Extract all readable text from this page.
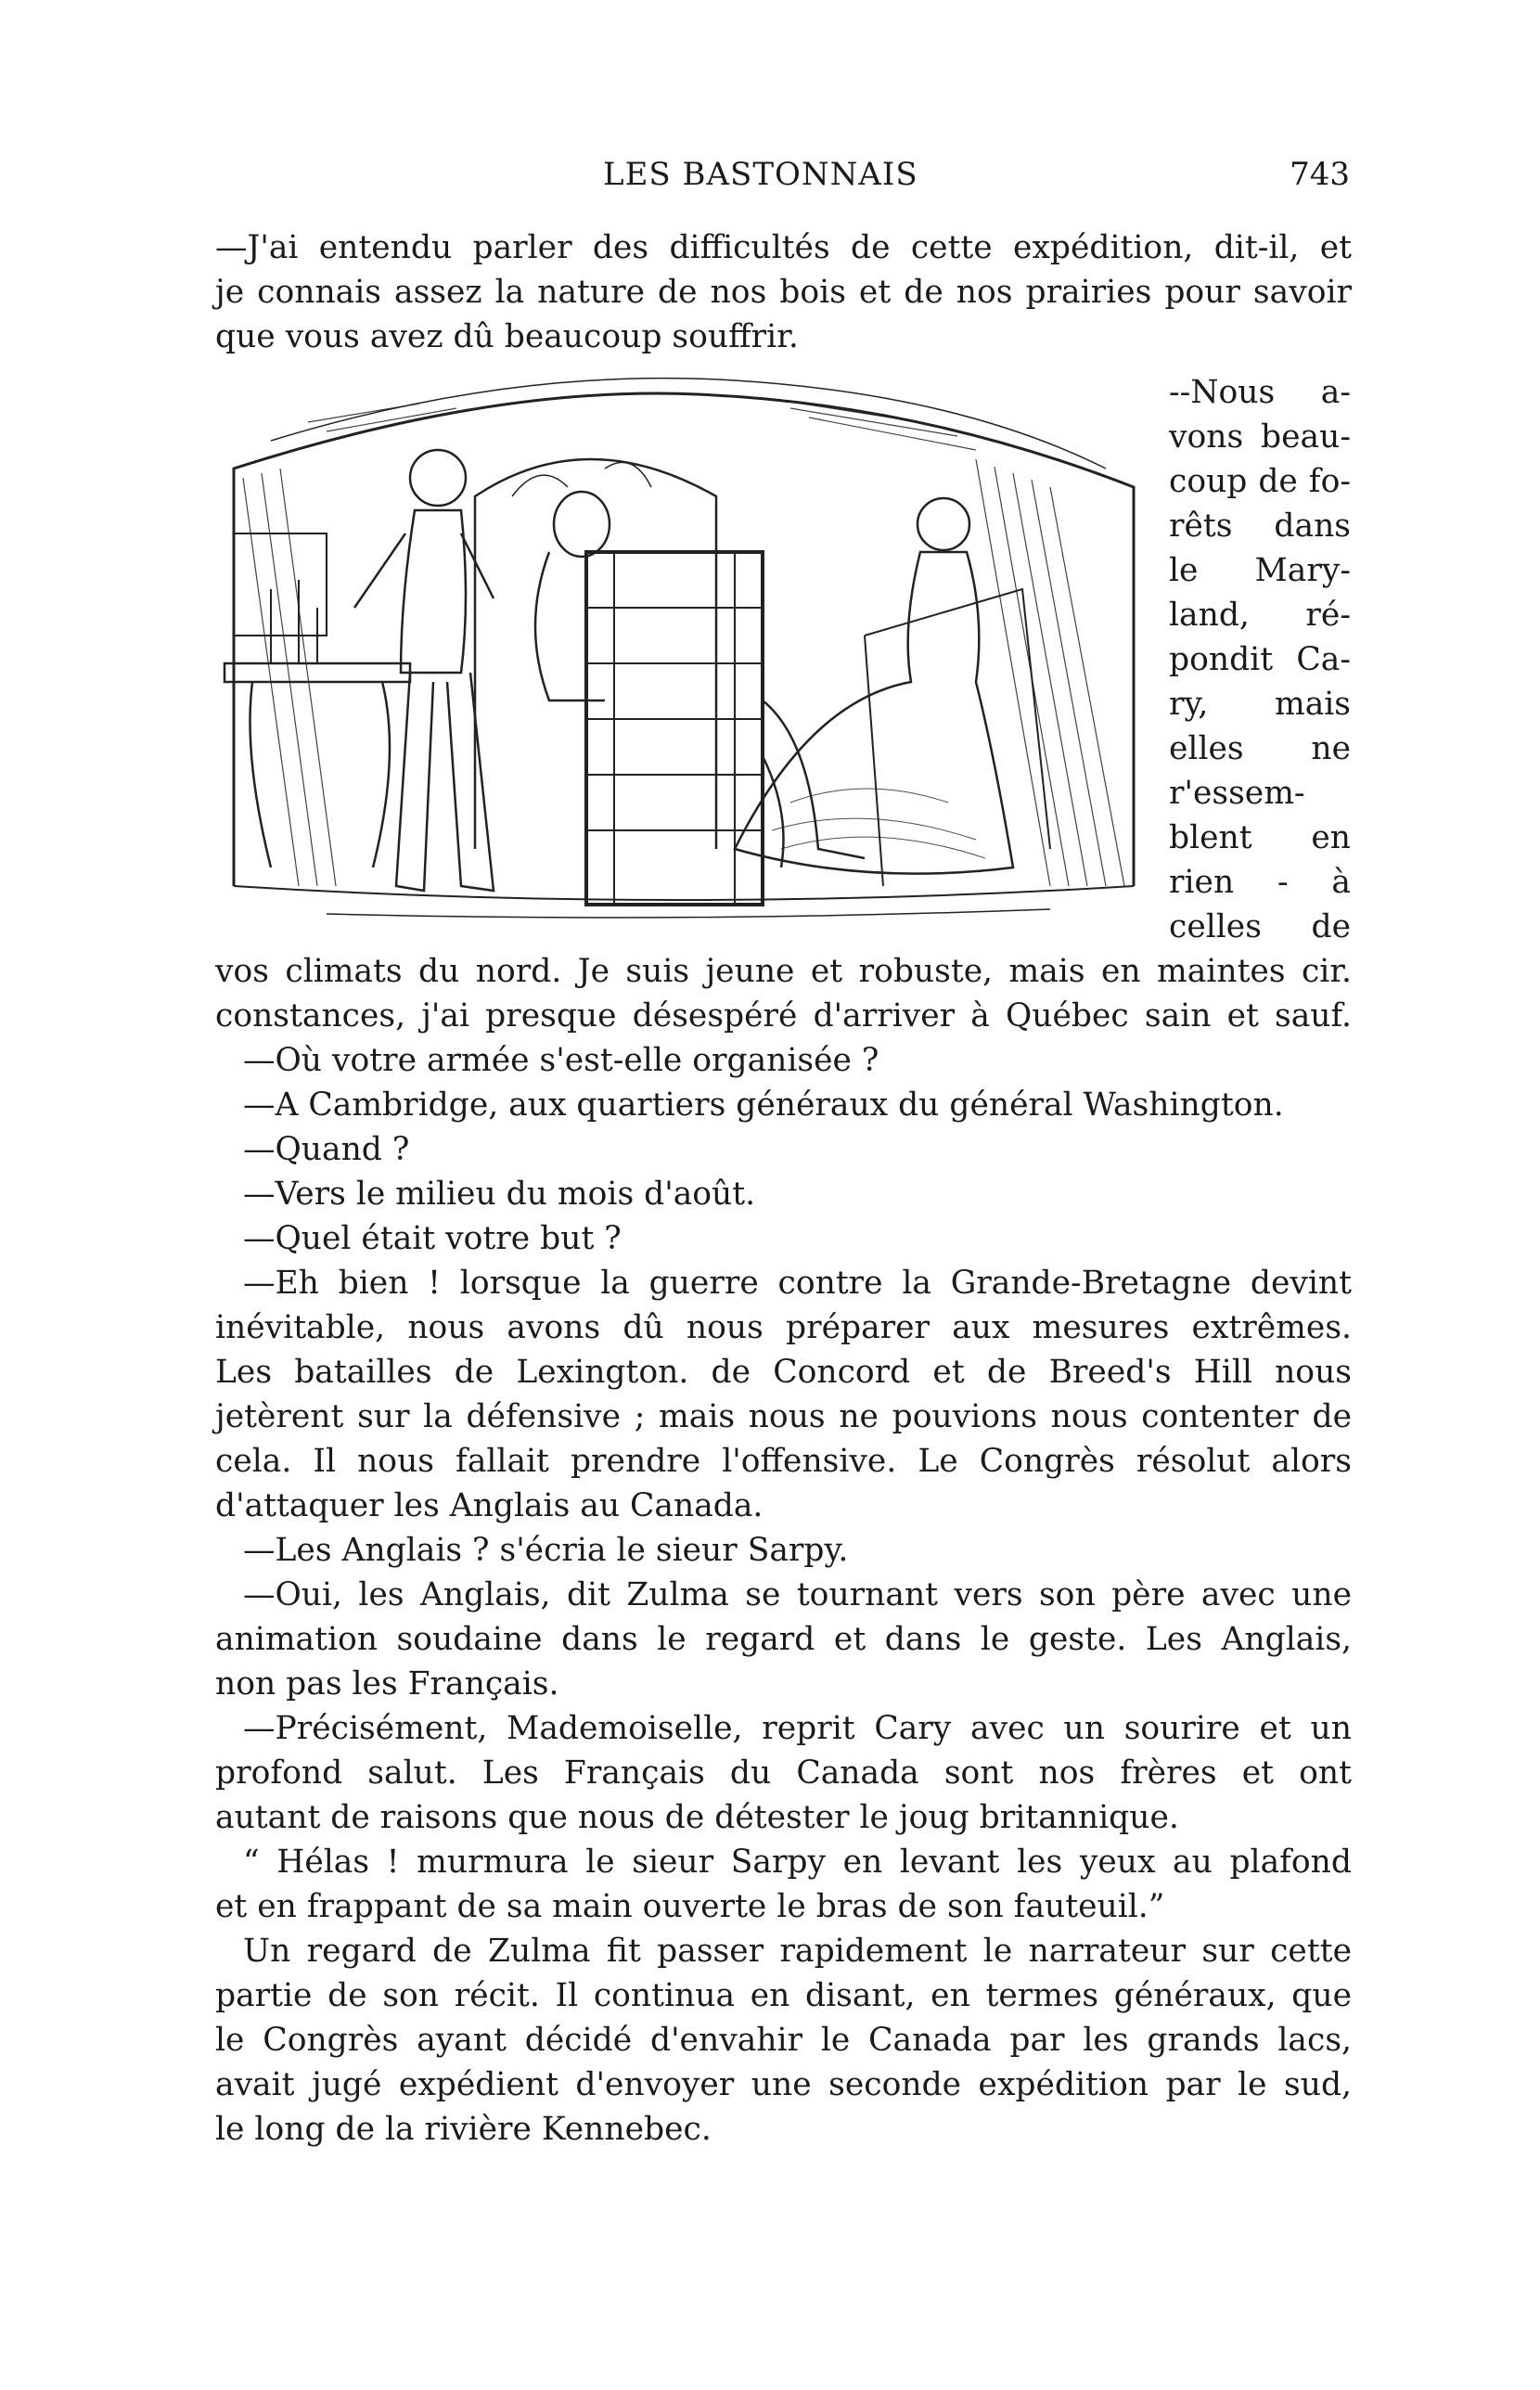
LES BASTONNAIS	743
—J'ai entendu parler des difficultés de cette expédition, dit-il, et
je connais assez la nature de nos bois et de nos prairies pour savoir
que vous avez dû beaucoup souffrir.
--Nous a-
vons beau-
coup de fo-
rêts dans
le Mary-
land, ré-
pondit Ca-
ry, mais
elles ne
r'essem-
blent en
rien - à
celles de
vos climats du nord. Je suis jeune et robuste, mais en maintes cir.
constances, j'ai presque désespéré d'arriver à Québec sain et sauf.
—Où votre armée s'est-elle organisée ?
—A Cambridge, aux quartiers généraux du général Washington.
—Quand ?
—Vers le milieu du mois d'août.
—Quel était votre but ?
—Eh bien ! lorsque la guerre contre la Grande-Bretagne devint
inévitable, nous avons dû nous préparer aux mesures extrêmes.
Les batailles de Lexington. de Concord et de Breed's Hill nous
jetèrent sur la défensive ; mais nous ne pouvions nous contenter de
cela. Il nous fallait prendre l'offensive. Le Congrès résolut alors
d'attaquer les Anglais au Canada.
—Les Anglais ? s'écria le sieur Sarpy.
—Oui, les Anglais, dit Zulma se tournant vers son père avec une
animation soudaine dans le regard et dans le geste. Les Anglais,
non pas les Français.
—Précisément, Mademoiselle, reprit Cary avec un sourire et un
profond salut. Les Français du Canada sont nos frères et ont
autant de raisons que nous de détester le joug britannique.
“ Hélas ! murmura le sieur Sarpy en levant les yeux au plafond
et en frappant de sa main ouverte le bras de son fauteuil.”
Un regard de Zulma fit passer rapidement le narrateur sur cette
partie de son récit. Il continua en disant, en termes généraux, que
le Congrès ayant décidé d'envahir le Canada par les grands lacs,
avait jugé expédient d'envoyer une seconde expédition par le sud,
le long de la rivière Kennebec.
